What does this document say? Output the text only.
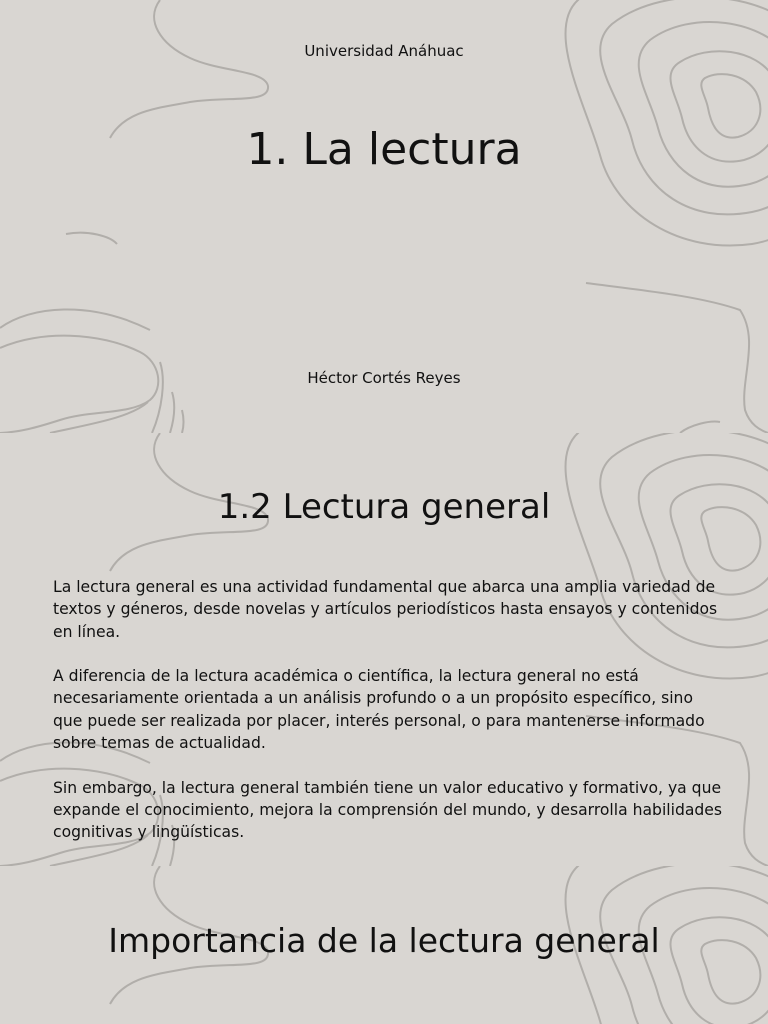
Universidad Anáhuac
1. La lectura
Héctor Cortés Reyes
1.2 Lectura general

La lectura general es una actividad fundamental que abarca una amplia variedad de textos y géneros, desde novelas y artículos periodísticos hasta ensayos y contenidos en línea.

A diferencia de la lectura académica o científica, la lectura general no está necesariamente orientada a un análisis profundo o a un propósito específico, sino que puede ser realizada por placer, interés personal, o para mantenerse informado sobre temas de actualidad.

Sin embargo, la lectura general también tiene un valor educativo y formativo, ya que expande el conocimiento, mejora la comprensión del mundo, y desarrolla habilidades cognitivas y lingüísticas.

Importancia de la lectura general
